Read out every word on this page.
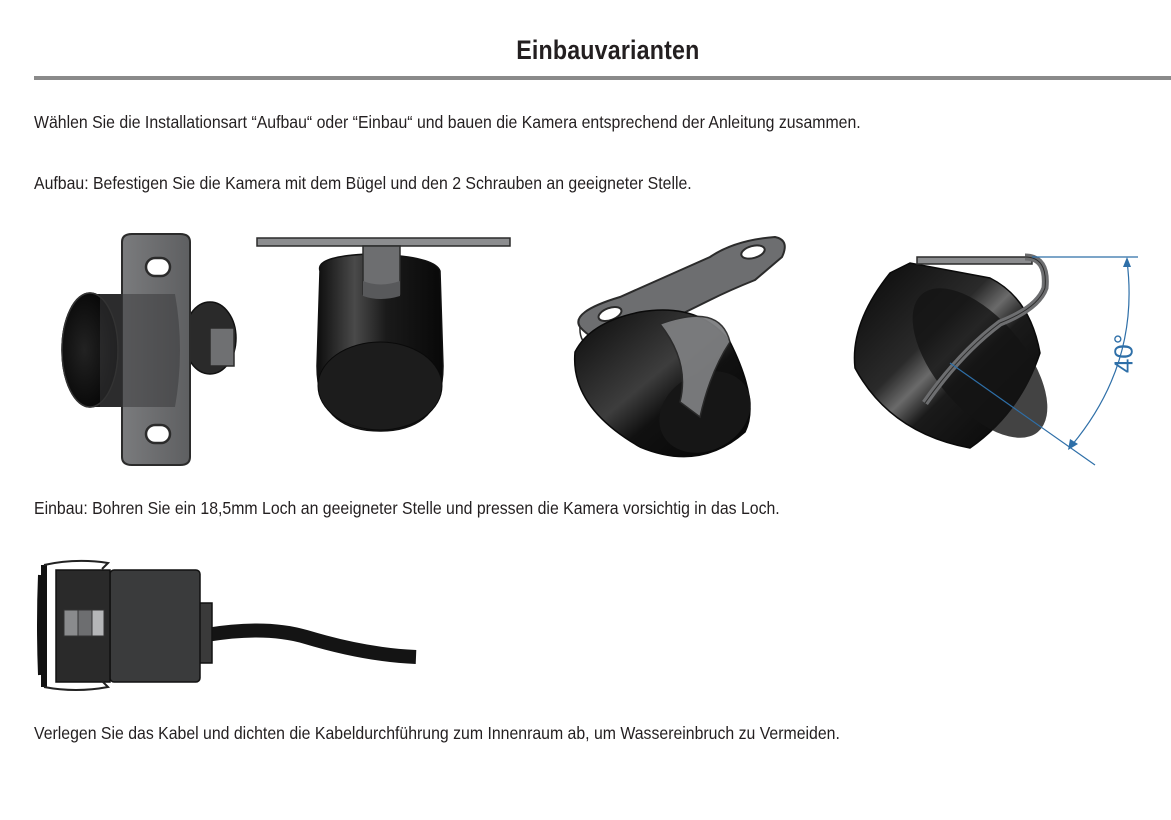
Einbauvarianten
Wählen Sie die Installationsart “Aufbau“ oder “Einbau“ und bauen die Kamera entsprechend der Anleitung zusammen.
Aufbau: Befestigen Sie die Kamera mit dem Bügel und den 2 Schrauben an geeigneter Stelle.
40°
Einbau: Bohren Sie ein 18,5mm Loch an geeigneter Stelle und pressen die Kamera vorsichtig in das Loch.
Verlegen Sie das Kabel und dichten die Kabeldurchführung zum Innenraum ab, um Wassereinbruch zu Vermeiden.
